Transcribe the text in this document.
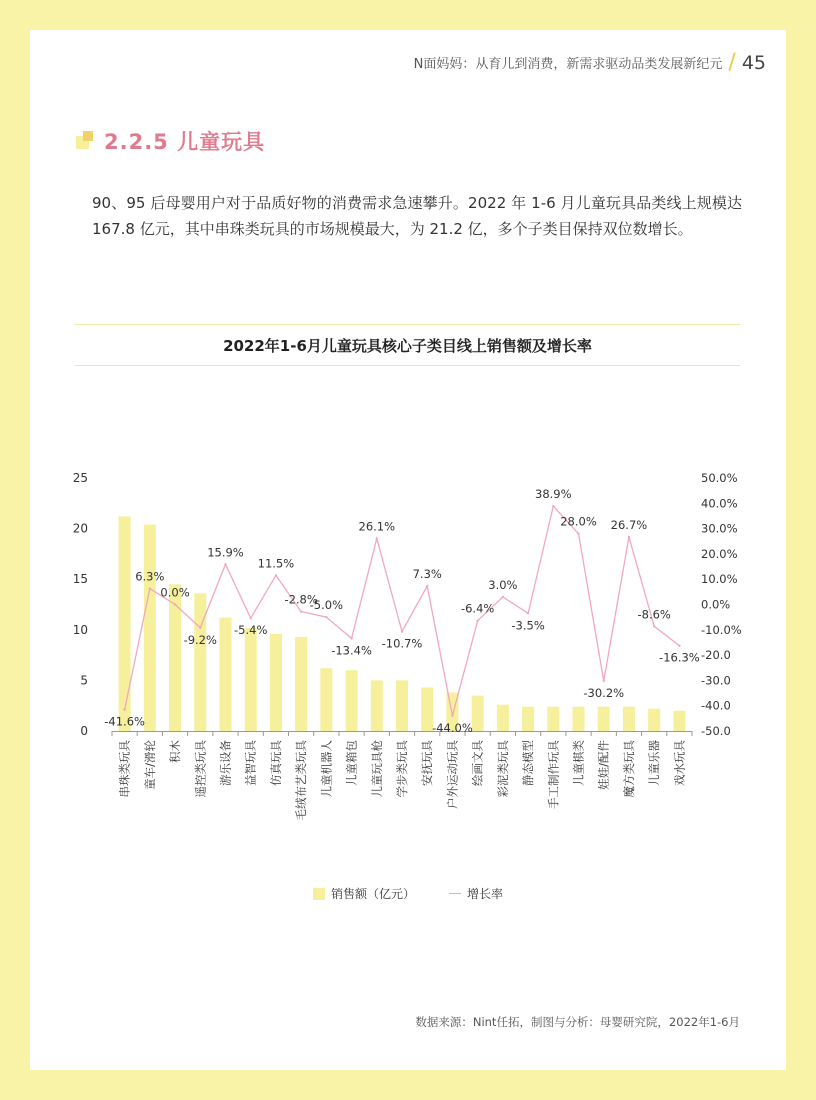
N面妈妈：从育儿到消费，新需求驱动品类发展新纪元 / 45
2.2.5 儿童玩具
90、95 后母婴用户对于品质好物的消费需求急速攀升。2022 年 1-6 月儿童玩具品类线上规模达 167.8 亿元，其中串珠类玩具的市场规模最大，为 21.2 亿，多个子类目保持双位数增长。
2022年1-6月儿童玩具核心子类目线上销售额及增长率
0
5
10
15
20
25
-50.0
-40.0
-30.0
-20.0
-10.0%
0.0%
10.0%
20.0%
30.0%
40.0%
50.0%
-41.6%
6.3%
0.0%
-9.2%
15.9%
-5.4%
11.5%
-2.8%
-5.0%
-13.4%
26.1%
-10.7%
7.3%
-44.0%
-6.4%
3.0%
-3.5%
38.9%
28.0%
-30.2%
26.7%
-8.6%
-16.3%
串珠类玩具 童车/滑轮 积木 遥控类玩具 游乐设备 益智玩具 仿真玩具 毛绒布艺类玩具 儿童机器人 儿童箱包 儿童玩具枪 学步类玩具 安抚玩具 户外运动玩具 绘画文具 彩泥类玩具 静态模型 手工制作玩具 儿童棋类 娃娃/配件 魔方类玩具 儿童乐器 戏水玩具
销售额（亿元）	增长率
数据来源：Nint任拓，制图与分析：母婴研究院，2022年1-6月
